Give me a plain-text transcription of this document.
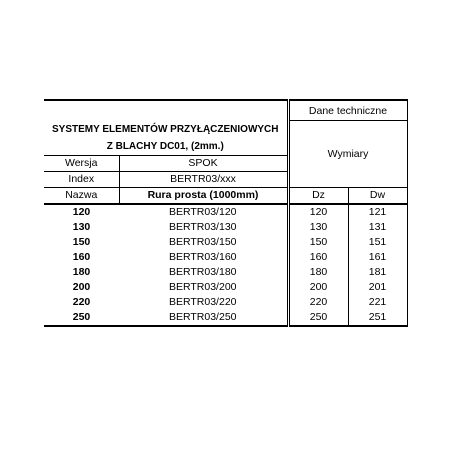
		Dane techniczne	
SYSTEMY ELEMENTÓW PRZYŁĄCZENIOWYCH		Wymiary	
Z BLACHY DC01, (2mm.)			
Wersja	SPOK		
Index	BERTR03/xxx		
Nazwa	Rura prosta (1000mm)	Dz	Dw
120	BERTR03/120	120	121
130	BERTR03/130	130	131
150	BERTR03/150	150	151
160	BERTR03/160	160	161
180	BERTR03/180	180	181
200	BERTR03/200	200	201
220	BERTR03/220	220	221
250	BERTR03/250	250	251
